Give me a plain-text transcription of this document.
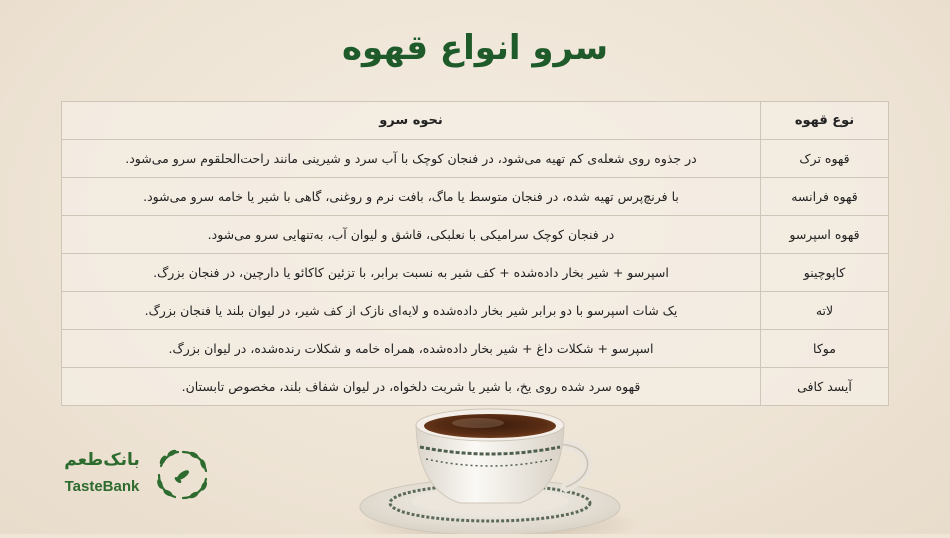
سرو انواع قهوه
نوع قهوه	نحوه سرو
قهوه ترک	در جذوه روی شعله‌ی کم تهیه می‌شود، در فنجان کوچک با آب سرد و شیرینی مانند راحت‌الحلقوم سرو می‌شود.
قهوه فرانسه	با فرنچ‌پرس تهیه شده، در فنجان متوسط یا ماگ، بافت نرم و روغنی، گاهی با شیر یا خامه سرو می‌شود.
قهوه اسپرسو	در فنجان کوچک سرامیکی با نعلبکی، قاشق و لیوان آب، به‌تنهایی سرو می‌شود.
کاپوچینو	اسپرسو + شیر بخار داده‌شده + کف شیر به نسبت برابر، با تزئین کاکائو یا دارچین، در فنجان بزرگ.
لاته	یک شات اسپرسو با دو برابر شیر بخار داده‌شده و لایه‌ای نازک از کف شیر، در لیوان بلند یا فنجان بزرگ.
موکا	اسپرسو + شکلات داغ + شیر بخار داده‌شده، همراه خامه و شکلات رنده‌شده، در لیوان بزرگ.
آیسد کافی	قهوه سرد شده روی یخ، با شیر یا شربت دلخواه، در لیوان شفاف بلند، مخصوص تابستان.
بانک‌طعم
TasteBank
